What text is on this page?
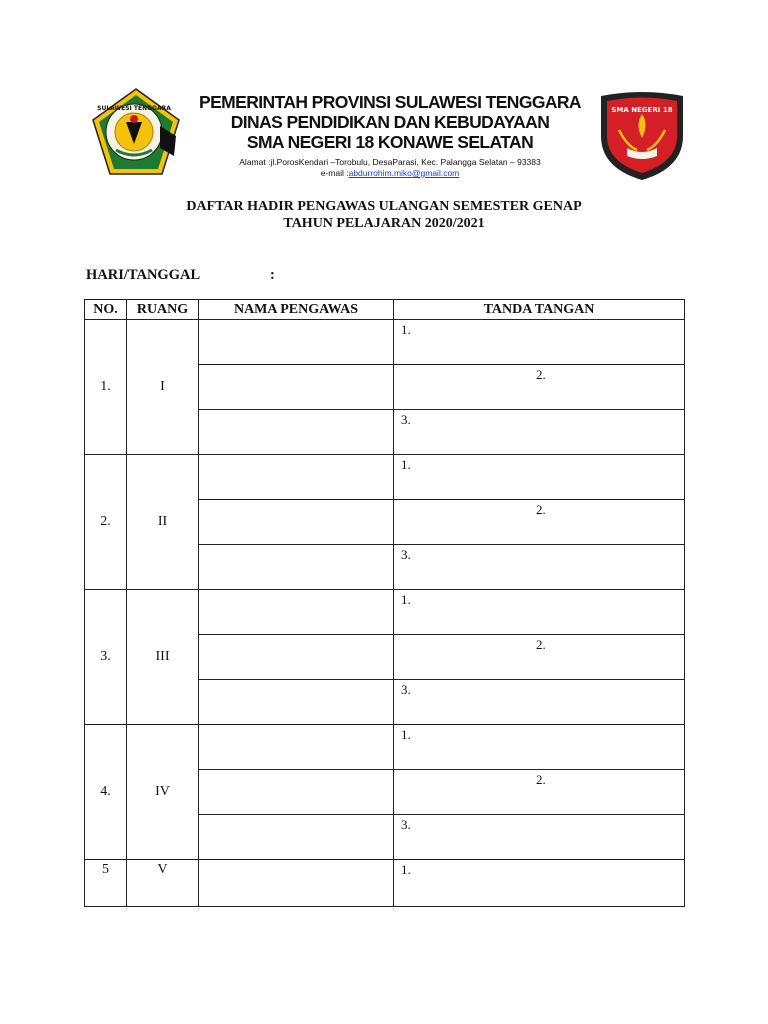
SULAWESI TENGGARA	PEMERINTAH PROVINSI SULAWESI TENGGARA
DINAS PENDIDIKAN DAN KEBUDAYAAN
SMA NEGERI 18 KONAWE SELATAN
Alamat :jl.PorosKendari –Torobulu, DesaParasi, Kec. Palangga Selatan – 93383
e-mail :abdurrohim.miko@gmail.com
SMA NEGERI 18
DAFTAR HADIR PENGAWAS ULANGAN SEMESTER GENAP
TAHUN PELAJARAN 2020/2021
HARI/TANGGAL	:
NO.	RUANG	NAMA PENGAWAS	TANDA TANGAN
1.	I		1.

			2.

			3.

2.	II		1.

			2.

			3.

3.	III		1.

			2.

			3.

4.	IV		1.

			2.

			3.

5	V		1.
